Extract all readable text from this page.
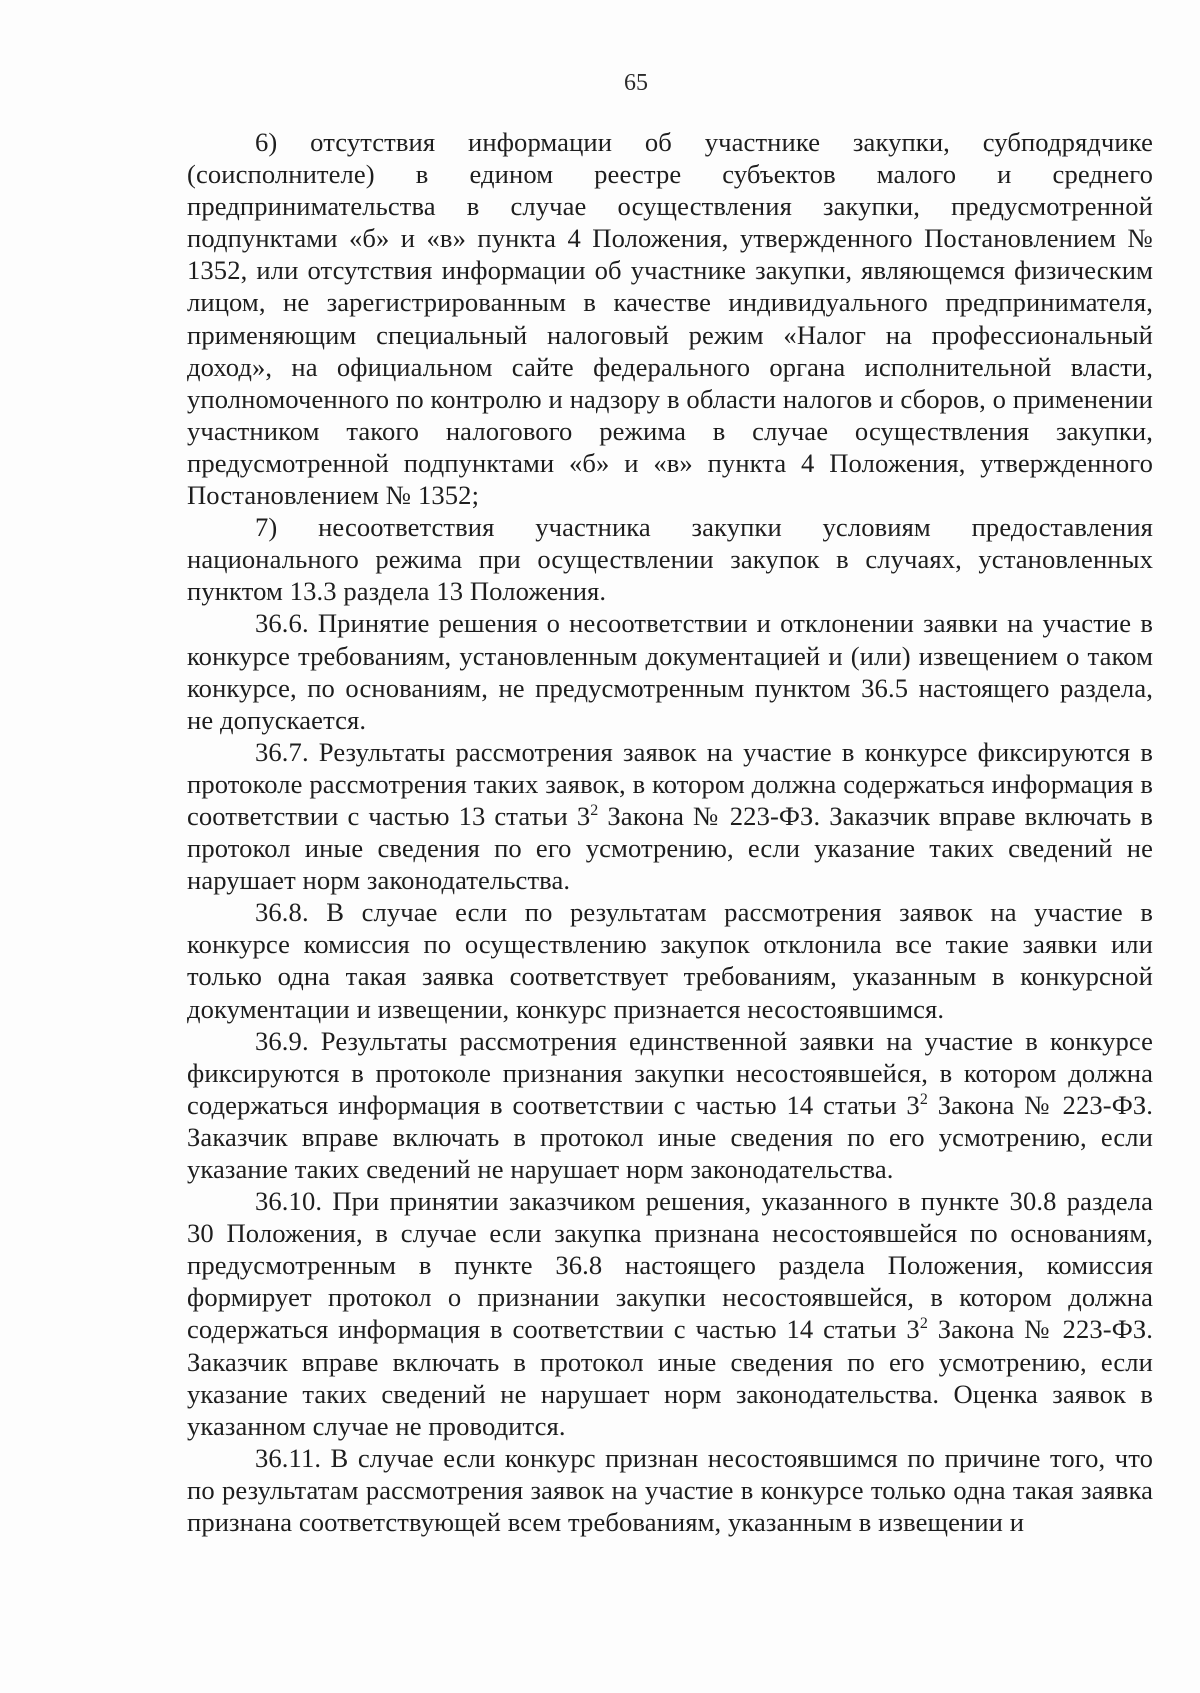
65

6) отсутствия информации об участнике закупки, субподрядчике (соисполнителе) в едином реестре субъектов малого и среднего предпринимательства в случае осуществления закупки, предусмотренной подпунктами «б» и «в» пункта 4 Положения, утвержденного Постановлением № 1352, или отсутствия информации об участнике закупки, являющемся физическим лицом, не зарегистрированным в качестве индивидуального предпринимателя, применяющим специальный налоговый режим «Налог на профессиональный доход», на официальном сайте федерального органа исполнительной власти, уполномоченного по контролю и надзору в области налогов и сборов, о применении участником такого налогового режима в случае осуществления закупки, предусмотренной подпунктами «б» и «в» пункта 4 Положения, утвержденного Постановлением № 1352;

7) несоответствия участника закупки условиям предоставления национального режима при осуществлении закупок в случаях, установленных пунктом 13.3 раздела 13 Положения.

36.6. Принятие решения о несоответствии и отклонении заявки на участие в конкурсе требованиям, установленным документацией и (или) извещением о таком конкурсе, по основаниям, не предусмотренным пунктом 36.5 настоящего раздела, не допускается.

36.7. Результаты рассмотрения заявок на участие в конкурсе фиксируются в протоколе рассмотрения таких заявок, в котором должна содержаться информация в соответствии с частью 13 статьи $3^2$ Закона № 223-ФЗ. Заказчик вправе включать в протокол иные сведения по его усмотрению, если указание таких сведений не нарушает норм законодательства.

36.8. В случае если по результатам рассмотрения заявок на участие в конкурсе комиссия по осуществлению закупок отклонила все такие заявки или только одна такая заявка соответствует требованиям, указанным в конкурсной документации и извещении, конкурс признается несостоявшимся.

36.9. Результаты рассмотрения единственной заявки на участие в конкурсе фиксируются в протоколе признания закупки несостоявшейся, в котором должна содержаться информация в соответствии с частью 14 статьи $3^2$ Закона № 223-ФЗ. Заказчик вправе включать в протокол иные сведения по его усмотрению, если указание таких сведений не нарушает норм законодательства.

36.10. При принятии заказчиком решения, указанного в пункте 30.8 раздела 30 Положения, в случае если закупка признана несостоявшейся по основаниям, предусмотренным в пункте 36.8 настоящего раздела Положения, комиссия формирует протокол о признании закупки несостоявшейся, в котором должна содержаться информация в соответствии с частью 14 статьи $3^2$ Закона № 223-ФЗ. Заказчик вправе включать в протокол иные сведения по его усмотрению, если указание таких сведений не нарушает норм законодательства. Оценка заявок в указанном случае не проводится.

36.11. В случае если конкурс признан несостоявшимся по причине того, что по результатам рассмотрения заявок на участие в конкурсе только одна такая заявка признана соответствующей всем требованиям, указанным в извещении и
